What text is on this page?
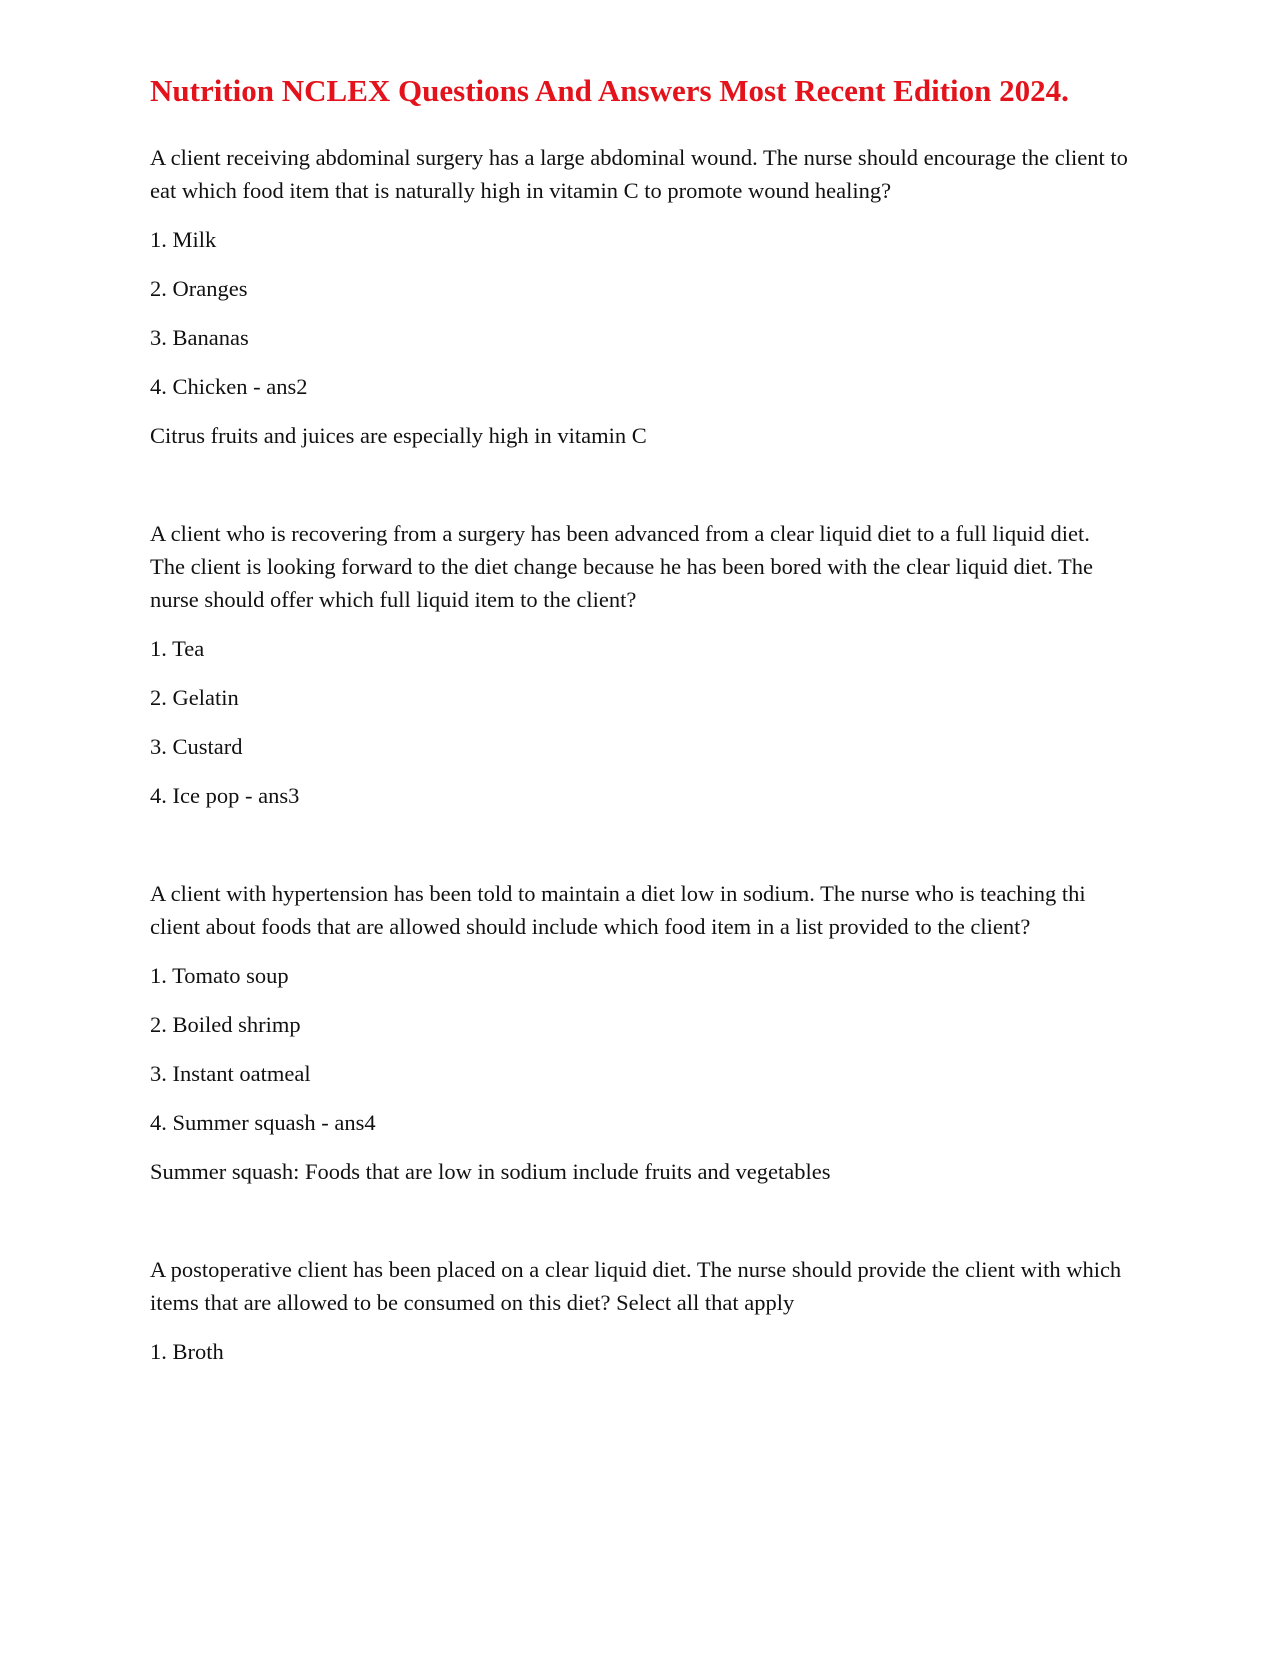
Nutrition NCLEX Questions And Answers Most Recent Edition 2024.

A client receiving abdominal surgery has a large abdominal wound. The nurse should encourage the client to eat which food item that is naturally high in vitamin C to promote wound healing?

1. Milk

2. Oranges

3. Bananas

4. Chicken - ans2

Citrus fruits and juices are especially high in vitamin C

A client who is recovering from a surgery has been advanced from a clear liquid diet to a full liquid diet. The client is looking forward to the diet change because he has been bored with the clear liquid diet. The nurse should offer which full liquid item to the client?

1. Tea

2. Gelatin

3. Custard

4. Ice pop - ans3

A client with hypertension has been told to maintain a diet low in sodium. The nurse who is teaching thi client about foods that are allowed should include which food item in a list provided to the client?

1. Tomato soup

2. Boiled shrimp

3. Instant oatmeal

4. Summer squash - ans4

Summer squash: Foods that are low in sodium include fruits and vegetables

A postoperative client has been placed on a clear liquid diet. The nurse should provide the client with which items that are allowed to be consumed on this diet? Select all that apply

1. Broth
